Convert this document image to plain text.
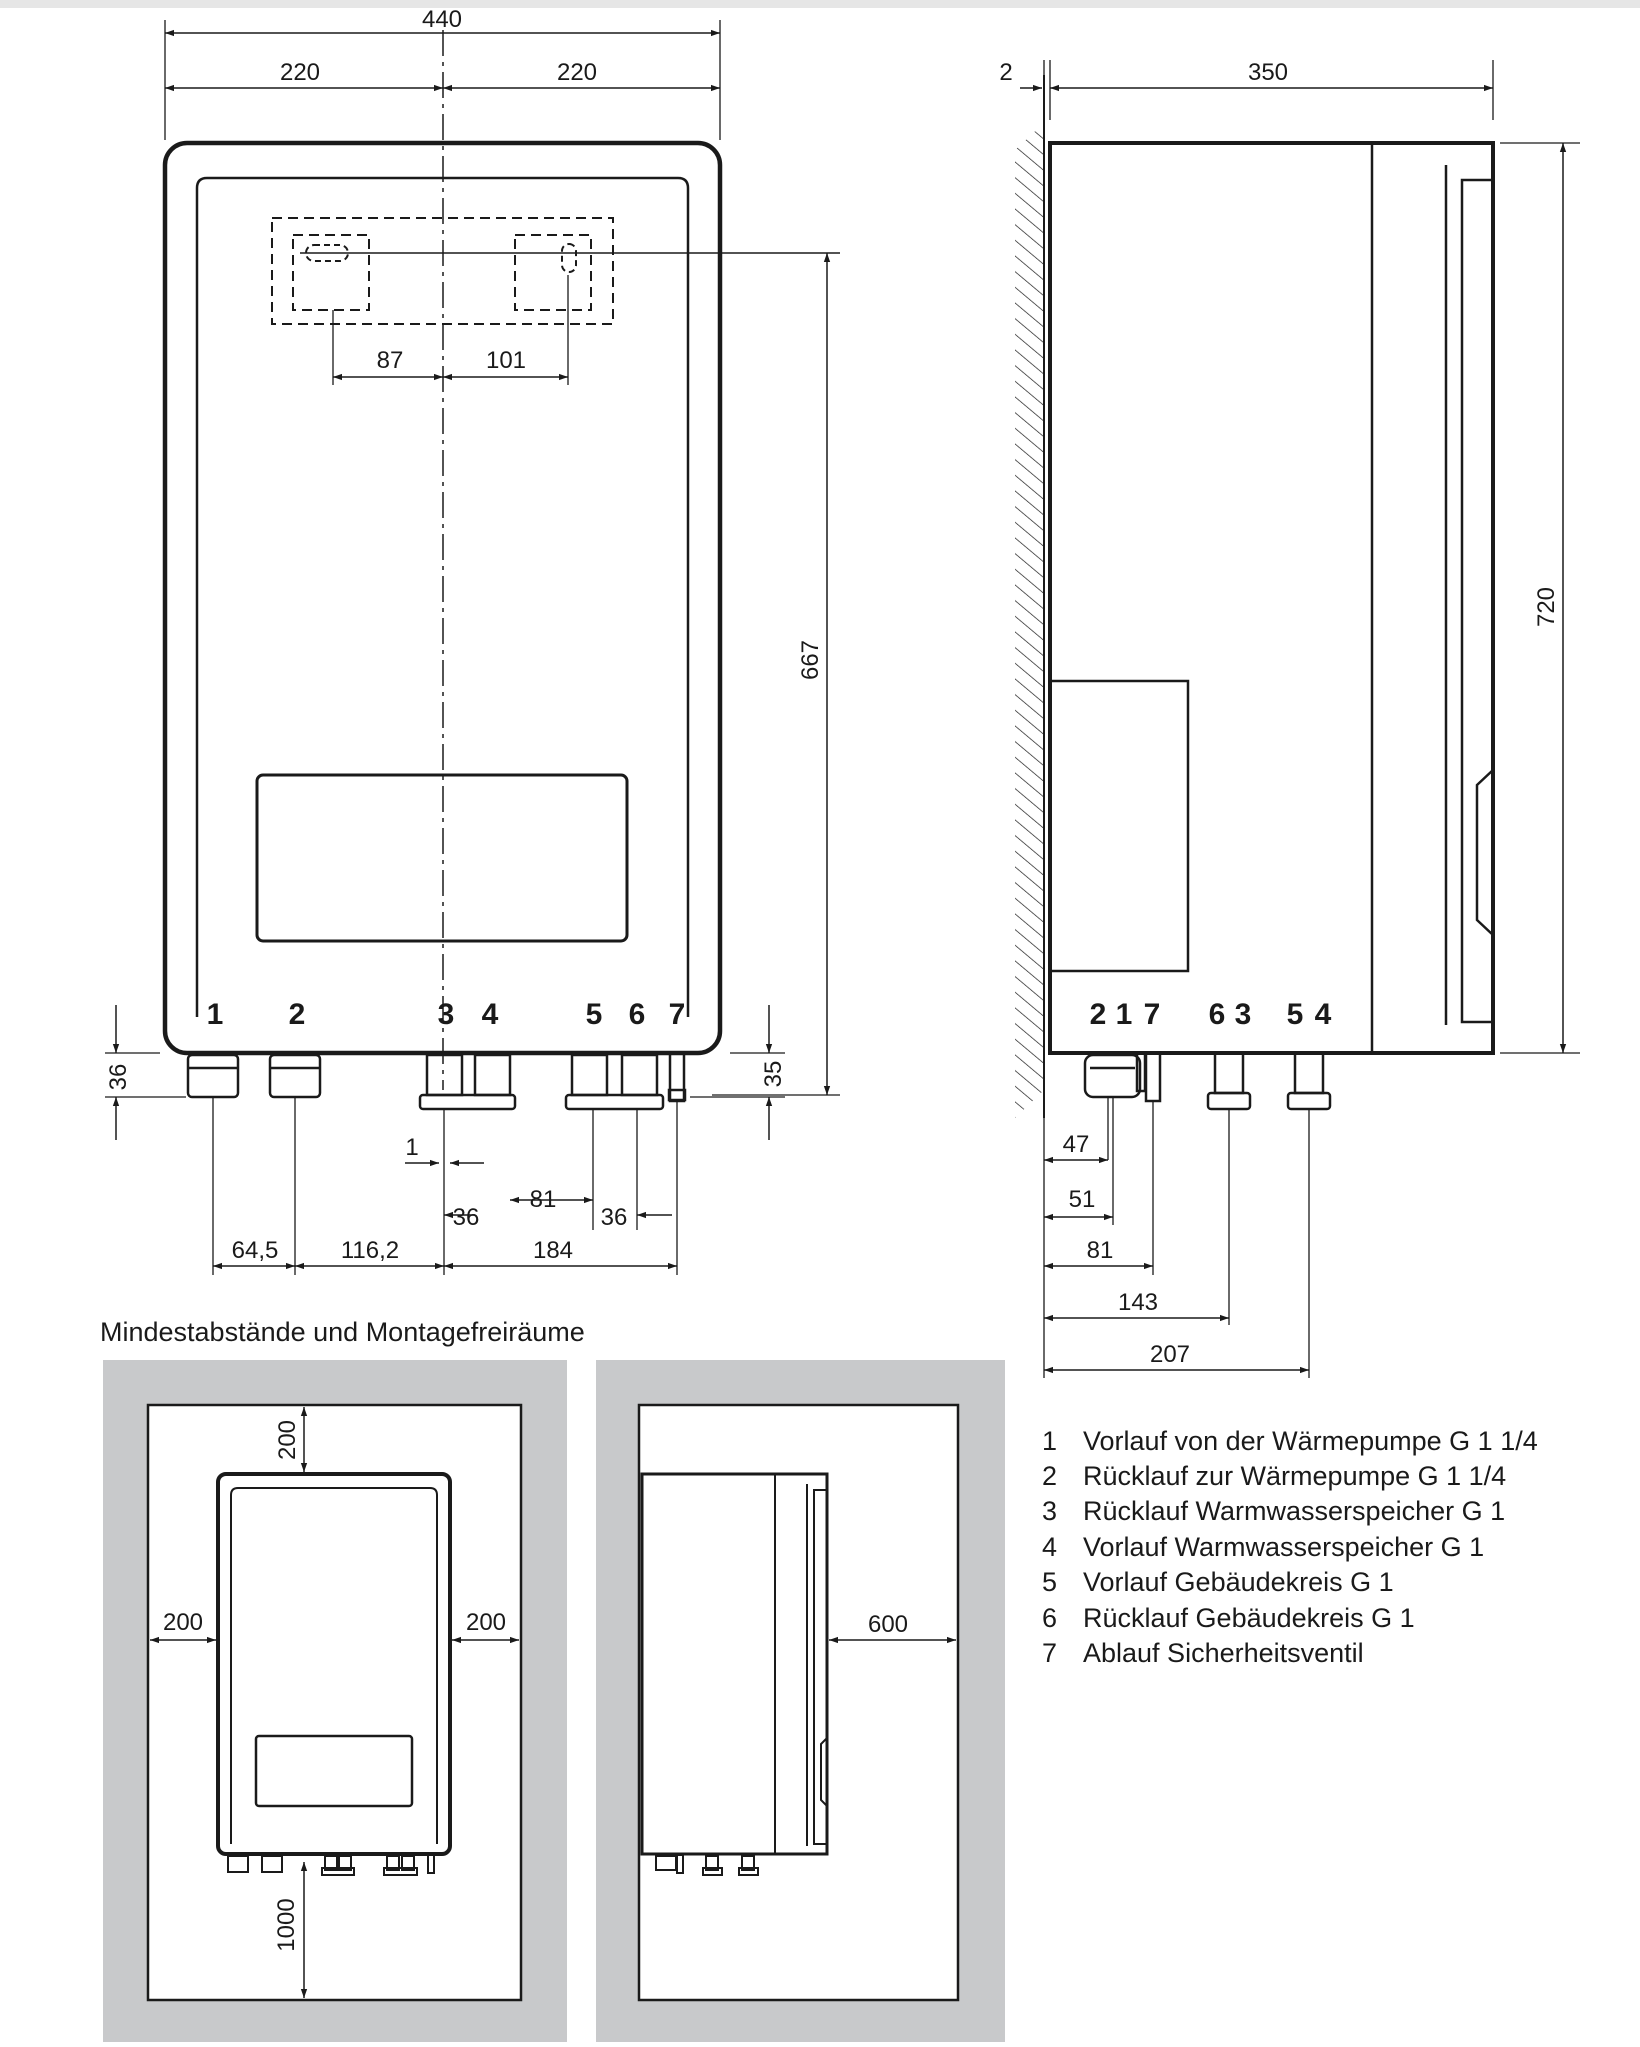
440
220	220
87	101
667
36	35
1
36
81
36
64,5	116,2	184
1 2	3 4	5 6 7
2	350
720
47
51
81
143
207
2 1 7 6 3 5 4
Mindestabstände und Montagefreiräume
200
200	200
1000
600
1 Vorlauf von der Wärmepumpe G 1 1/4
2 Rücklauf zur Wärmepumpe G 1 1/4
3 Rücklauf Warmwasserspeicher G 1
4 Vorlauf Warmwasserspeicher G 1
5 Vorlauf Gebäudekreis G 1
6 Rücklauf Gebäudekreis G 1
7 Ablauf Sicherheitsventil
